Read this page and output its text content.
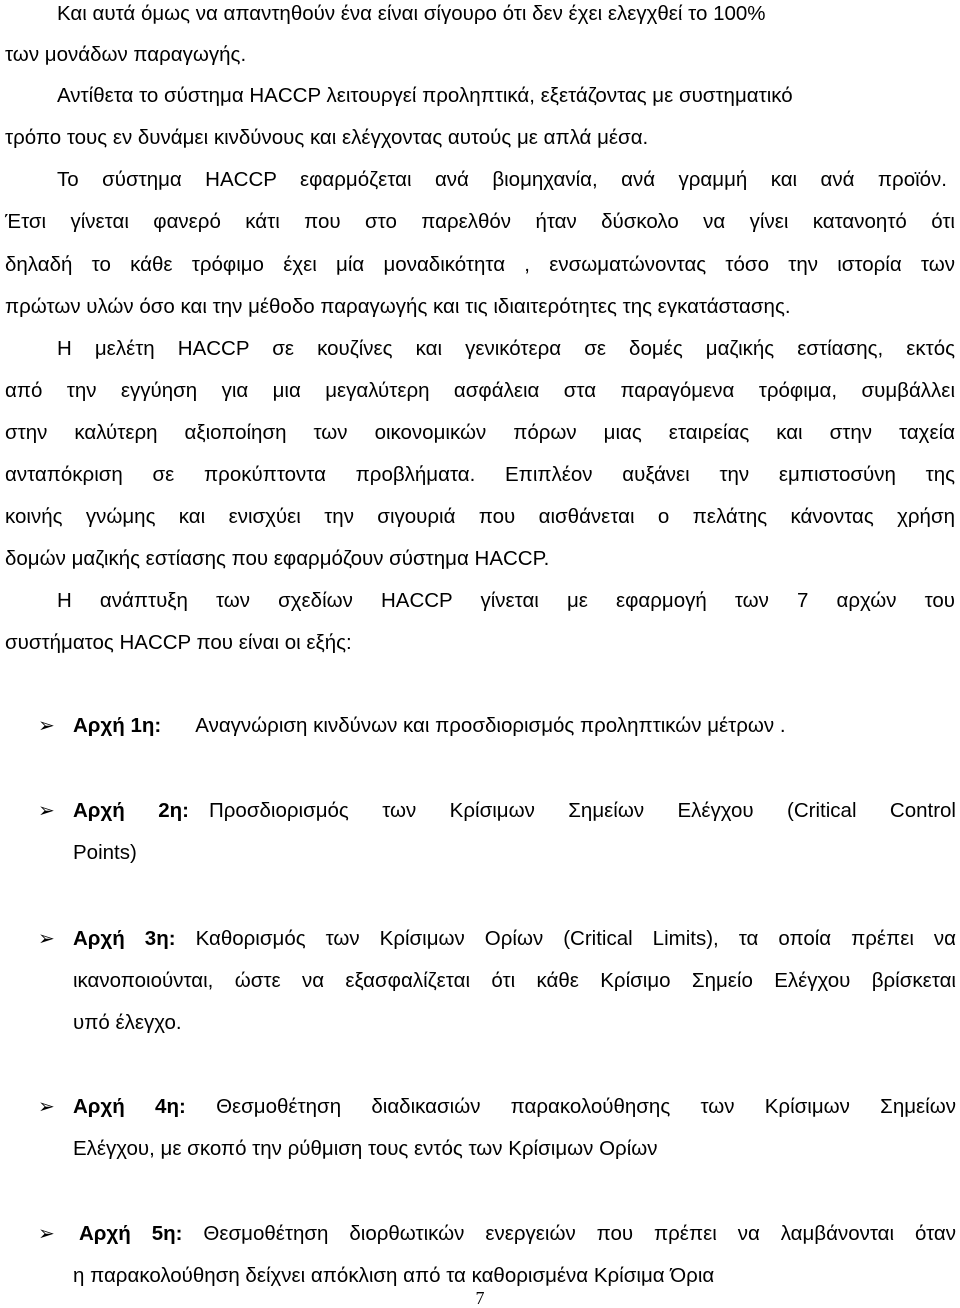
Και αυτά όμως να απαντηθούν ένα είναι σίγουρο ότι δεν έχει ελεγχθεί το 100%
των μονάδων παραγωγής.
Αντίθετα το σύστημα HACCP λειτουργεί προληπτικά, εξετάζοντας με συστηματικό
τρόπο τους εν δυνάμει κινδύνους και ελέγχοντας αυτούς με απλά μέσα.
Το σύστημα HACCP εφαρμόζεται ανά βιομηχανία, ανά γραμμή και ανά προϊόν.
Έτσι γίνεται φανερό κάτι που στο παρελθόν ήταν δύσκολο να γίνει κατανοητό ότι
δηλαδή το κάθε τρόφιμο έχει μία μοναδικότητα , ενσωματώνοντας τόσο την ιστορία των
πρώτων υλών όσο και την μέθοδο παραγωγής και τις ιδιαιτερότητες της εγκατάστασης.
Η μελέτη HACCP σε κουζίνες και γενικότερα σε δομές μαζικής εστίασης, εκτός
από την εγγύηση για μια μεγαλύτερη ασφάλεια στα παραγόμενα τρόφιμα, συμβάλλει
στην καλύτερη αξιοποίηση των οικονομικών πόρων μιας εταιρείας και στην ταχεία
ανταπόκριση σε προκύπτοντα προβλήματα. Επιπλέον αυξάνει την εμπιστοσύνη της
κοινής γνώμης και ενισχύει την σιγουριά που αισθάνεται ο πελάτης κάνοντας χρήση
δομών μαζικής εστίασης που εφαρμόζουν σύστημα HACCP.
Η ανάπτυξη των σχεδίων HACCP γίνεται με εφαρμογή των 7 αρχών του
συστήματος HACCP που είναι οι εξής:
➢ Αρχή 1η: Αναγνώριση κινδύνων και προσδιορισμός προληπτικών μέτρων .
➢ Αρχή 2η: Προσδιορισμός των Κρίσιμων Σημείων Ελέγχου (Critical Control
Points)
➢ Αρχή 3η: Καθορισμός των Κρίσιμων Ορίων (Critical Limits), τα οποία πρέπει να
ικανοποιούνται, ώστε να εξασφαλίζεται ότι κάθε Κρίσιμο Σημείο Ελέγχου βρίσκεται
υπό έλεγχο.
➢ Αρχή 4η: Θεσμοθέτηση διαδικασιών παρακολούθησης των Κρίσιμων Σημείων
Ελέγχου, με σκοπό την ρύθμιση τους εντός των Κρίσιμων Ορίων
➢	Αρχή 5η: Θεσμοθέτηση διορθωτικών ενεργειών που πρέπει να λαμβάνονται όταν
η παρακολούθηση δείχνει απόκλιση από τα καθορισμένα Κρίσιμα Όρια
7
